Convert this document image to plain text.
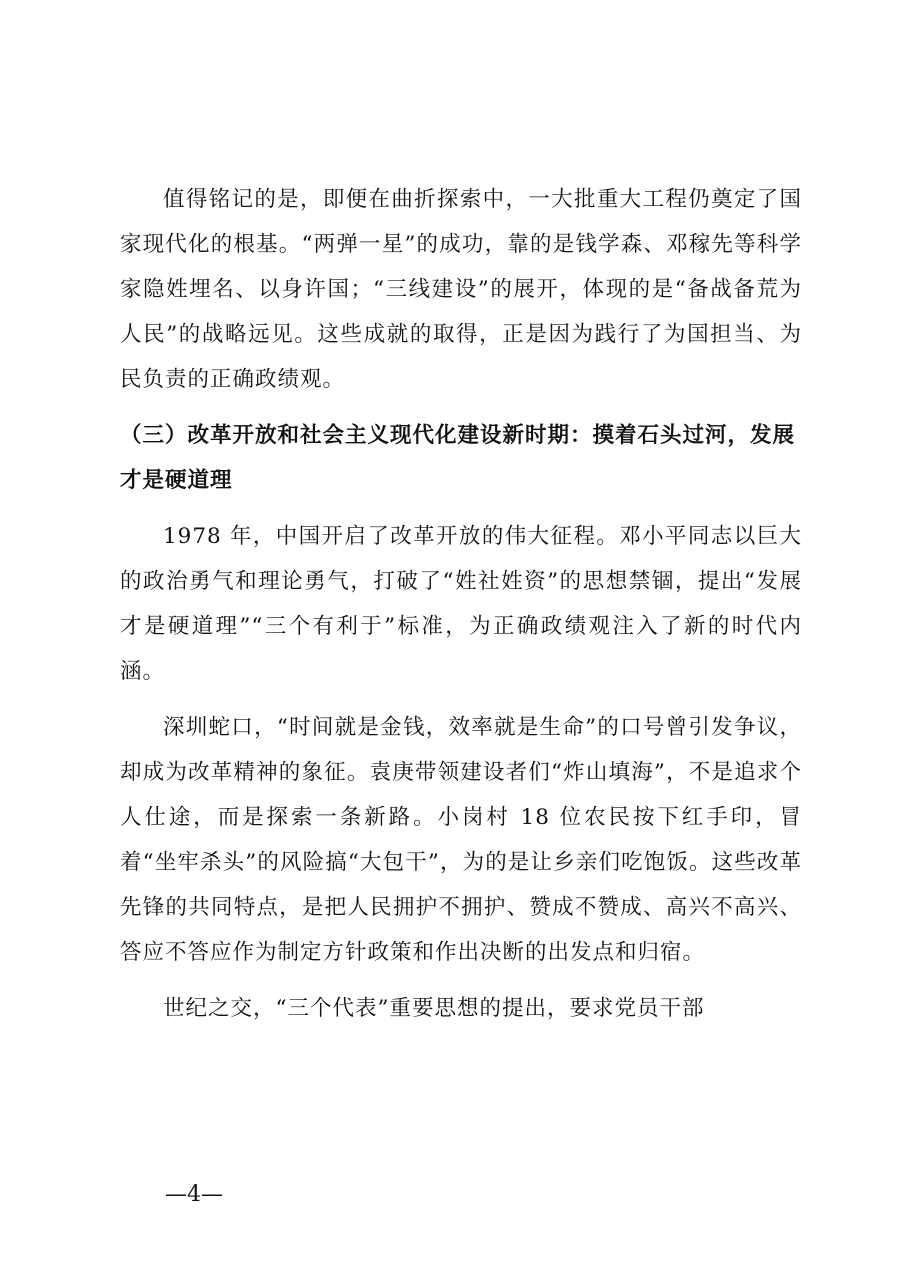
值得铭记的是，即便在曲折探索中，一大批重大工程仍奠定了国家现代化的根基。“两弹一星”的成功，靠的是钱学森、邓稼先等科学家隐姓埋名、以身许国；“三线建设”的展开，体现的是“备战备荒为人民”的战略远见。这些成就的取得，正是因为践行了为国担当、为民负责的正确政绩观。

（三）改革开放和社会主义现代化建设新时期：摸着石头过河，发展才是硬道理

1978 年，中国开启了改革开放的伟大征程。邓小平同志以巨大的政治勇气和理论勇气，打破了“姓社姓资”的思想禁锢，提出“发展才是硬道理”“三个有利于”标准，为正确政绩观注入了新的时代内涵。

深圳蛇口，“时间就是金钱，效率就是生命”的口号曾引发争议，却成为改革精神的象征。袁庚带领建设者们“炸山填海”，不是追求个人仕途，而是探索一条新路。小岗村 18 位农民按下红手印，冒着“坐牢杀头”的风险搞“大包干”，为的是让乡亲们吃饱饭。这些改革先锋的共同特点，是把人民拥护不拥护、赞成不赞成、高兴不高兴、答应不答应作为制定方针政策和作出决断的出发点和归宿。

世纪之交，“三个代表”重要思想的提出，要求党员干部

—4—
